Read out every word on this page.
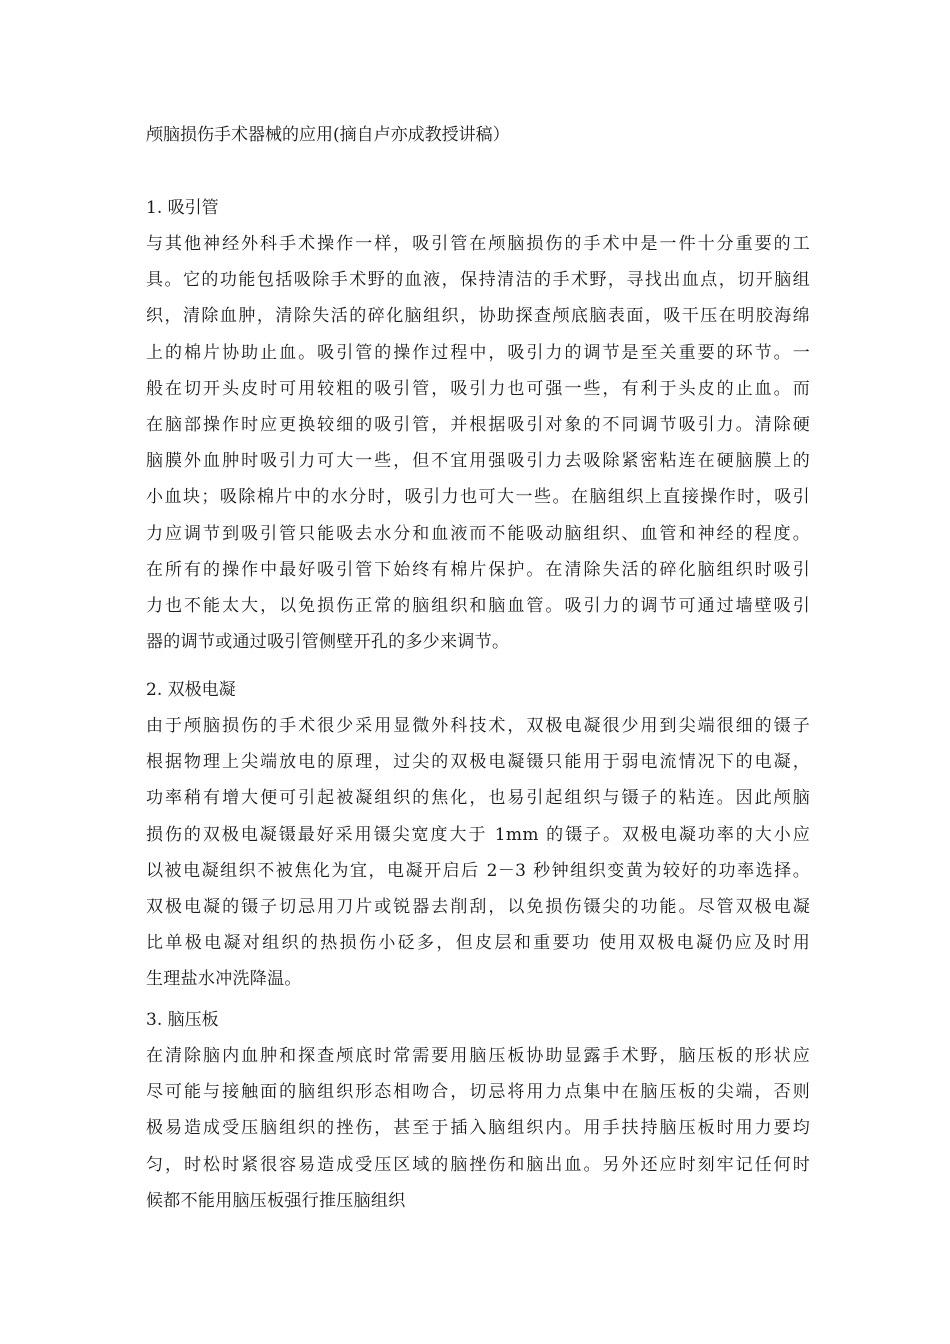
颅脑损伤手术器械的应用(摘自卢亦成教授讲稿）
1. 吸引管
与其他神经外科手术操作一样，吸引管在颅脑损伤的手术中是一件十分重要的工
具。它的功能包括吸除手术野的血液，保持清洁的手术野，寻找出血点，切开脑组
织，清除血肿，清除失活的碎化脑组织，协助探查颅底脑表面，吸干压在明胶海绵
上的棉片协助止血。吸引管的操作过程中，吸引力的调节是至关重要的环节。一
般在切开头皮时可用较粗的吸引管，吸引力也可强一些，有利于头皮的止血。而
在脑部操作时应更换较细的吸引管，并根据吸引对象的不同调节吸引力。清除硬
脑膜外血肿时吸引力可大一些，但不宜用强吸引力去吸除紧密粘连在硬脑膜上的
小血块；吸除棉片中的水分时，吸引力也可大一些。在脑组织上直接操作时，吸引
力应调节到吸引管只能吸去水分和血液而不能吸动脑组织、血管和神经的程度。
在所有的操作中最好吸引管下始终有棉片保护。在清除失活的碎化脑组织时吸引
力也不能太大，以免损伤正常的脑组织和脑血管。吸引力的调节可通过墙壁吸引
器的调节或通过吸引管侧壁开孔的多少来调节。
2. 双极电凝
由于颅脑损伤的手术很少采用显微外科技术，双极电凝很少用到尖端很细的镊子
根据物理上尖端放电的原理，过尖的双极电凝镊只能用于弱电流情况下的电凝，
功率稍有增大便可引起被凝组织的焦化，也易引起组织与镊子的粘连。因此颅脑
损伤的双极电凝镊最好采用镊尖宽度大于 1mm 的镊子。双极电凝功率的大小应
以被电凝组织不被焦化为宜，电凝开启后 2－3 秒钟组织变黄为较好的功率选择。
双极电凝的镊子切忌用刀片或锐器去削刮，以免损伤镊尖的功能。尽管双极电凝
比单极电凝对组织的热损伤小砭多，但皮层和重要功 使用双极电凝仍应及时用
生理盐水冲洗降温。
3. 脑压板
在清除脑内血肿和探查颅底时常需要用脑压板协助显露手术野，脑压板的形状应
尽可能与接触面的脑组织形态相吻合，切忌将用力点集中在脑压板的尖端，否则
极易造成受压脑组织的挫伤，甚至于插入脑组织内。用手扶持脑压板时用力要均
匀，时松时紧很容易造成受压区域的脑挫伤和脑出血。另外还应时刻牢记任何时
候都不能用脑压板强行推压脑组织
